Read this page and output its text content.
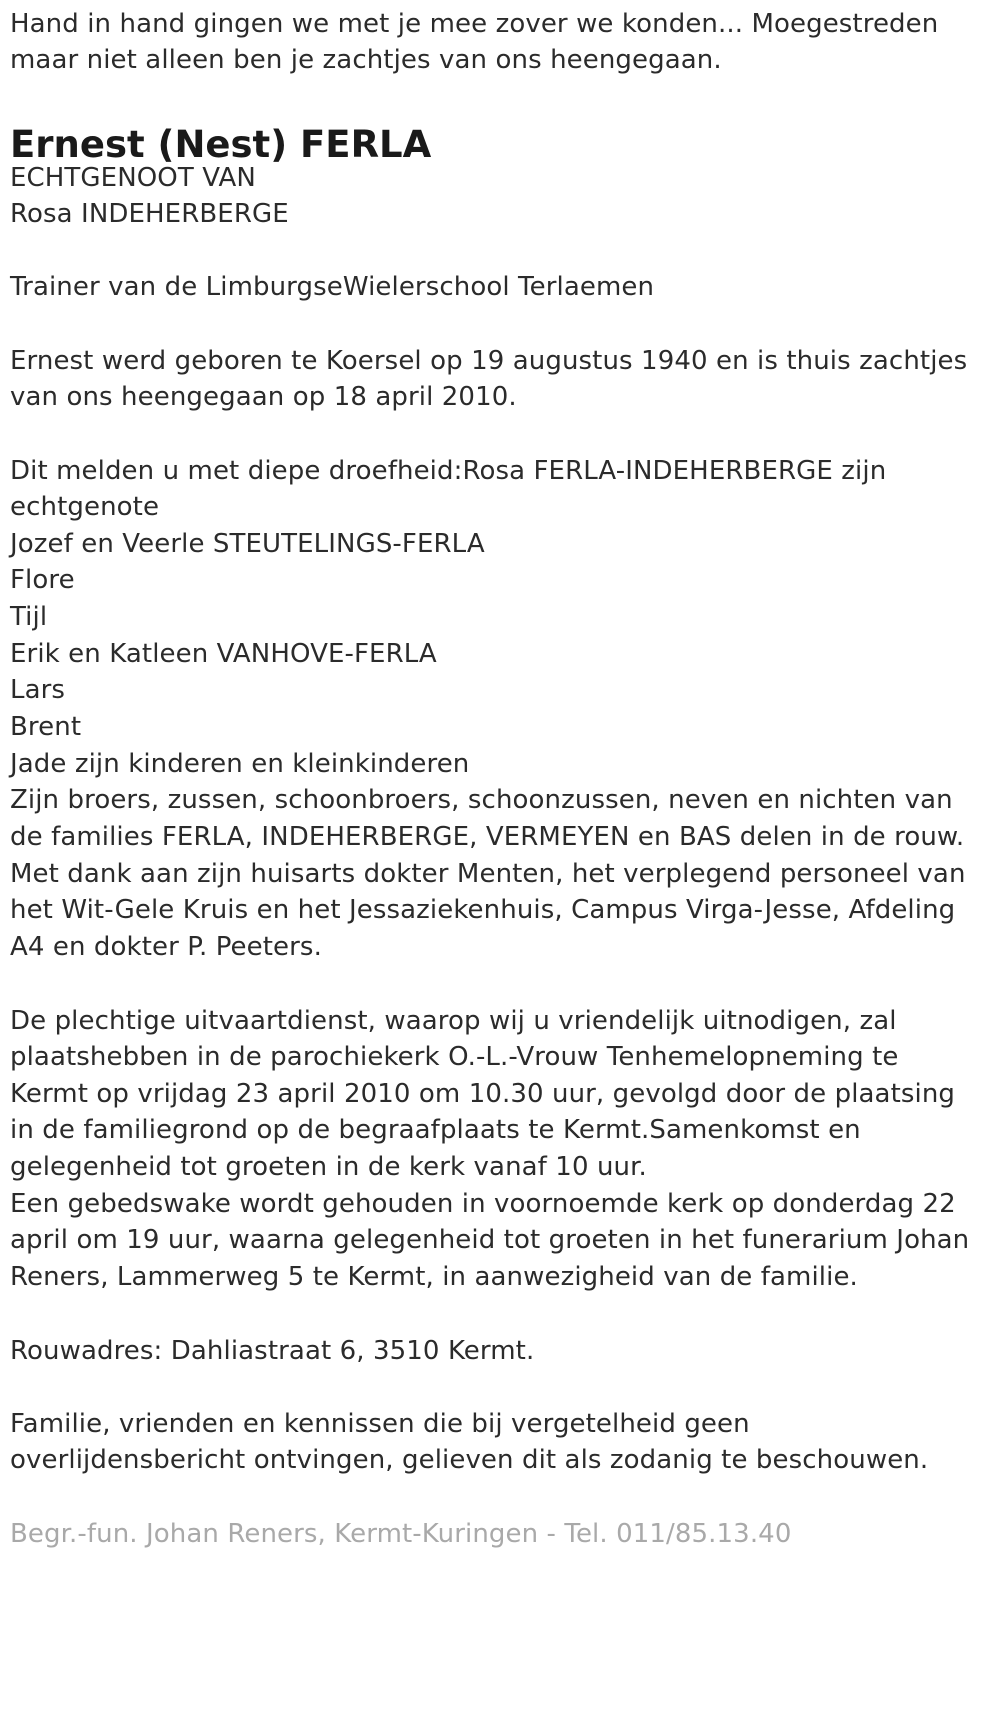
Hand in hand gingen we met je mee zover we konden... Moegestreden
maar niet alleen ben je zachtjes van ons heengegaan.
Ernest (Nest) FERLA
ECHTGENOOT VAN
Rosa INDEHERBERGE
Trainer van de LimburgseWielerschool Terlaemen
Ernest werd geboren te Koersel op 19 augustus 1940 en is thuis zachtjes
van ons heengegaan op 18 april 2010.
Dit melden u met diepe droefheid:Rosa FERLA-INDEHERBERGE zijn
echtgenote
Jozef en Veerle STEUTELINGS-FERLA
Flore
Tijl
Erik en Katleen VANHOVE-FERLA
Lars
Brent
Jade zijn kinderen en kleinkinderen
Zijn broers, zussen, schoonbroers, schoonzussen, neven en nichten van
de families FERLA, INDEHERBERGE, VERMEYEN en BAS delen in de rouw.
Met dank aan zijn huisarts dokter Menten, het verplegend personeel van
het Wit-Gele Kruis en het Jessaziekenhuis, Campus Virga-Jesse, Afdeling
A4 en dokter P. Peeters.
De plechtige uitvaartdienst, waarop wij u vriendelijk uitnodigen, zal
plaatshebben in de parochiekerk O.-L.-Vrouw Tenhemelopneming te
Kermt op vrijdag 23 april 2010 om 10.30 uur, gevolgd door de plaatsing
in de familiegrond op de begraafplaats te Kermt.Samenkomst en
gelegenheid tot groeten in de kerk vanaf 10 uur.
Een gebedswake wordt gehouden in voornoemde kerk op donderdag 22
april om 19 uur, waarna gelegenheid tot groeten in het funerarium Johan
Reners, Lammerweg 5 te Kermt, in aanwezigheid van de familie.
Rouwadres: Dahliastraat 6, 3510 Kermt.
Familie, vrienden en kennissen die bij vergetelheid geen
overlijdensbericht ontvingen, gelieven dit als zodanig te beschouwen.
Begr.-fun. Johan Reners, Kermt-Kuringen - Tel. 011/85.13.40
